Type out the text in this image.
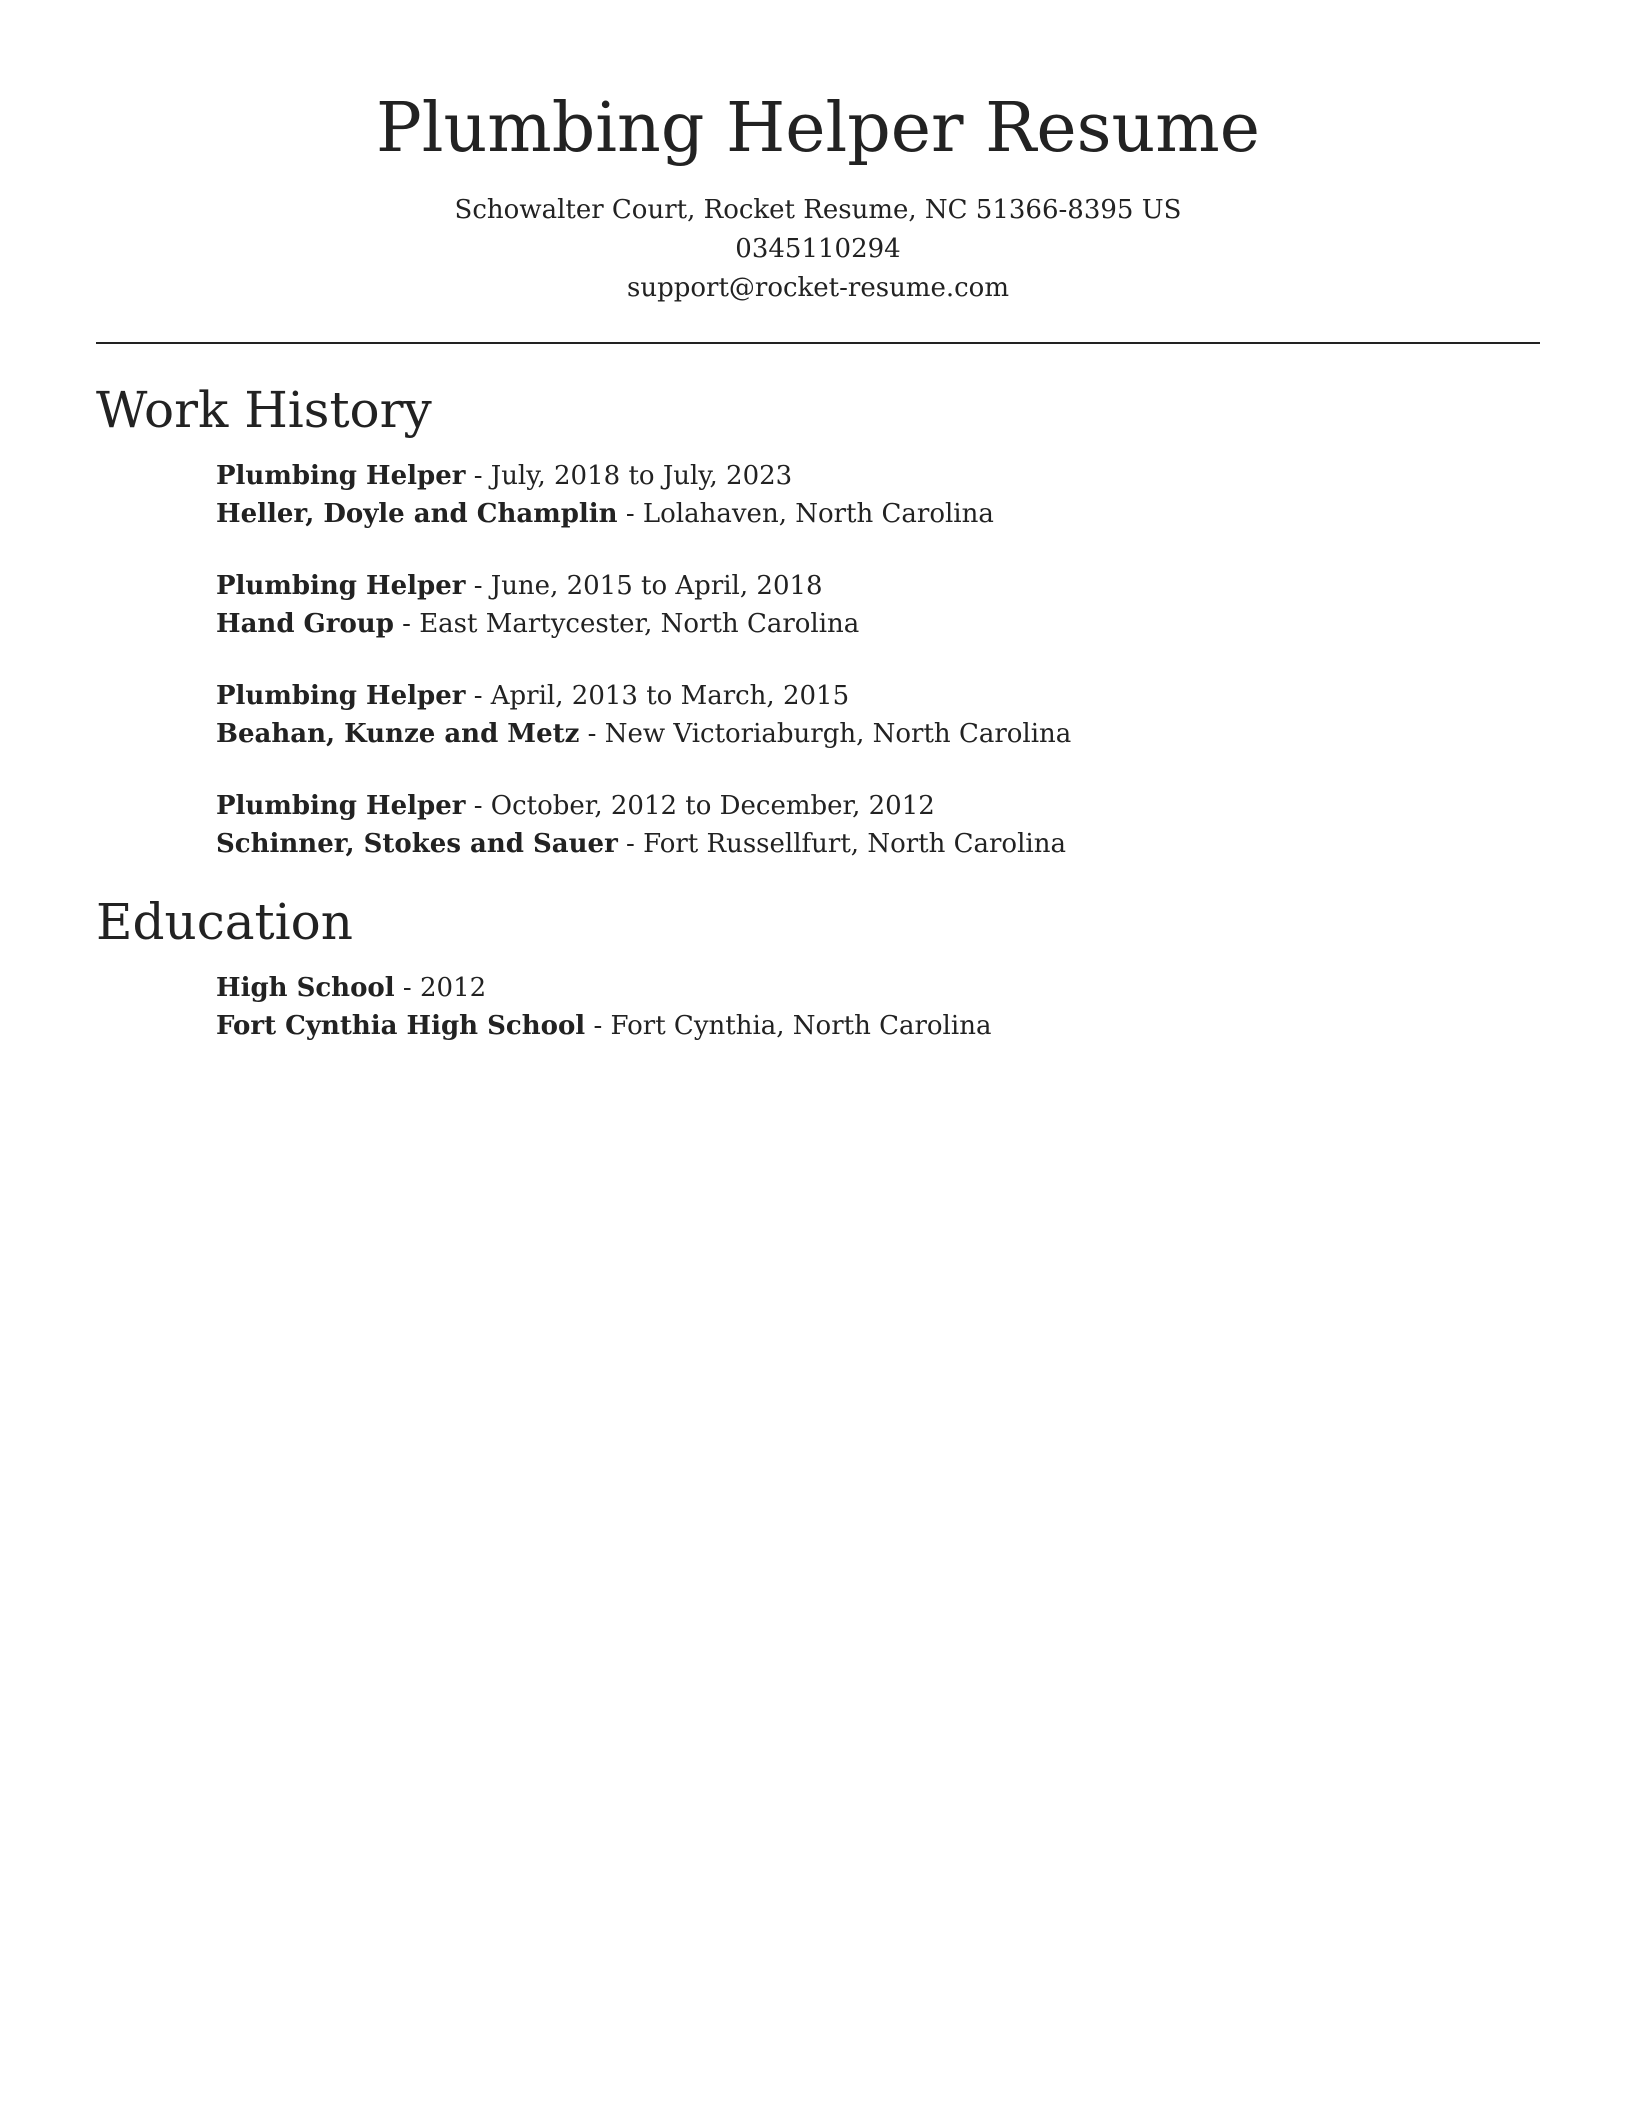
Plumbing Helper Resume
Schowalter Court, Rocket Resume, NC 51366-8395 US
0345110294
support@rocket-resume.com
Work History
Plumbing Helper - July, 2018 to July, 2023
Heller, Doyle and Champlin - Lolahaven, North Carolina
Plumbing Helper - June, 2015 to April, 2018
Hand Group - East Martycester, North Carolina
Plumbing Helper - April, 2013 to March, 2015
Beahan, Kunze and Metz - New Victoriaburgh, North Carolina
Plumbing Helper - October, 2012 to December, 2012
Schinner, Stokes and Sauer - Fort Russellfurt, North Carolina
Education
High School - 2012
Fort Cynthia High School - Fort Cynthia, North Carolina
